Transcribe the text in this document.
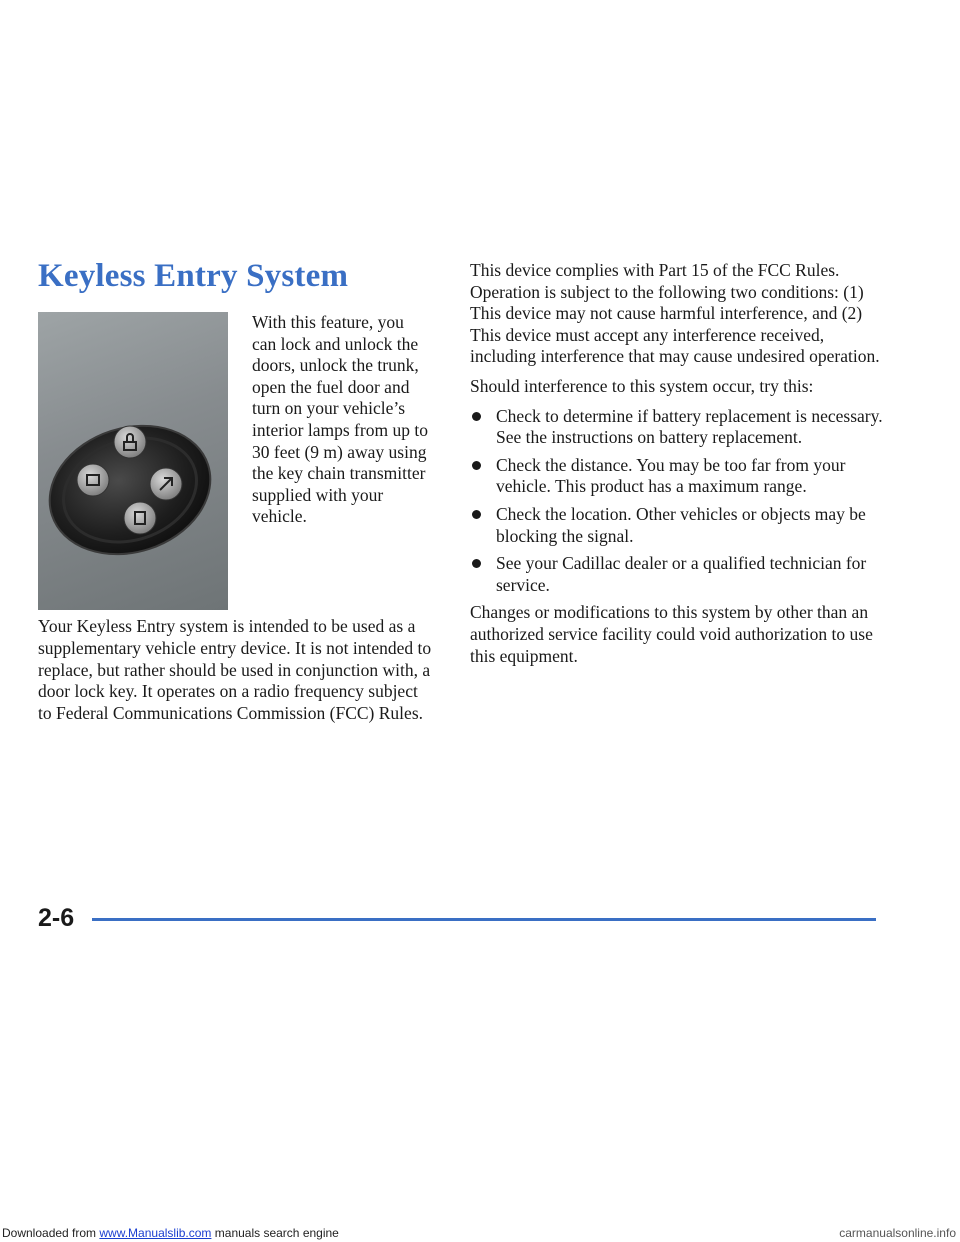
Keyless Entry System
With this feature, you can lock and unlock the doors, unlock the trunk, open the fuel door and turn on your vehicle’s interior lamps from up to 30 feet (9 m) away using the key chain transmitter supplied with your vehicle.
Your Keyless Entry system is intended to be used as a supplementary vehicle entry device. It is not intended to replace, but rather should be used in conjunction with, a door lock key. It operates on a radio frequency subject to Federal Communications Commission (FCC) Rules.

This device complies with Part 15 of the FCC Rules. Operation is subject to the following two conditions: (1) This device may not cause harmful interference, and (2) This device must accept any interference received, including interference that may cause undesired operation.

Should interference to this system occur, try this:

Check to determine if battery replacement is necessary. See the instructions on battery replacement.
Check the distance. You may be too far from your vehicle. This product has a maximum range.
Check the location. Other vehicles or objects may be blocking the signal.
See your Cadillac dealer or a qualified technician for service.

Changes or modifications to this system by other than an authorized service facility could void authorization to use this equipment.

2-6
Downloaded from www.Manualslib.com manuals search engine	carmanualsonline.info
